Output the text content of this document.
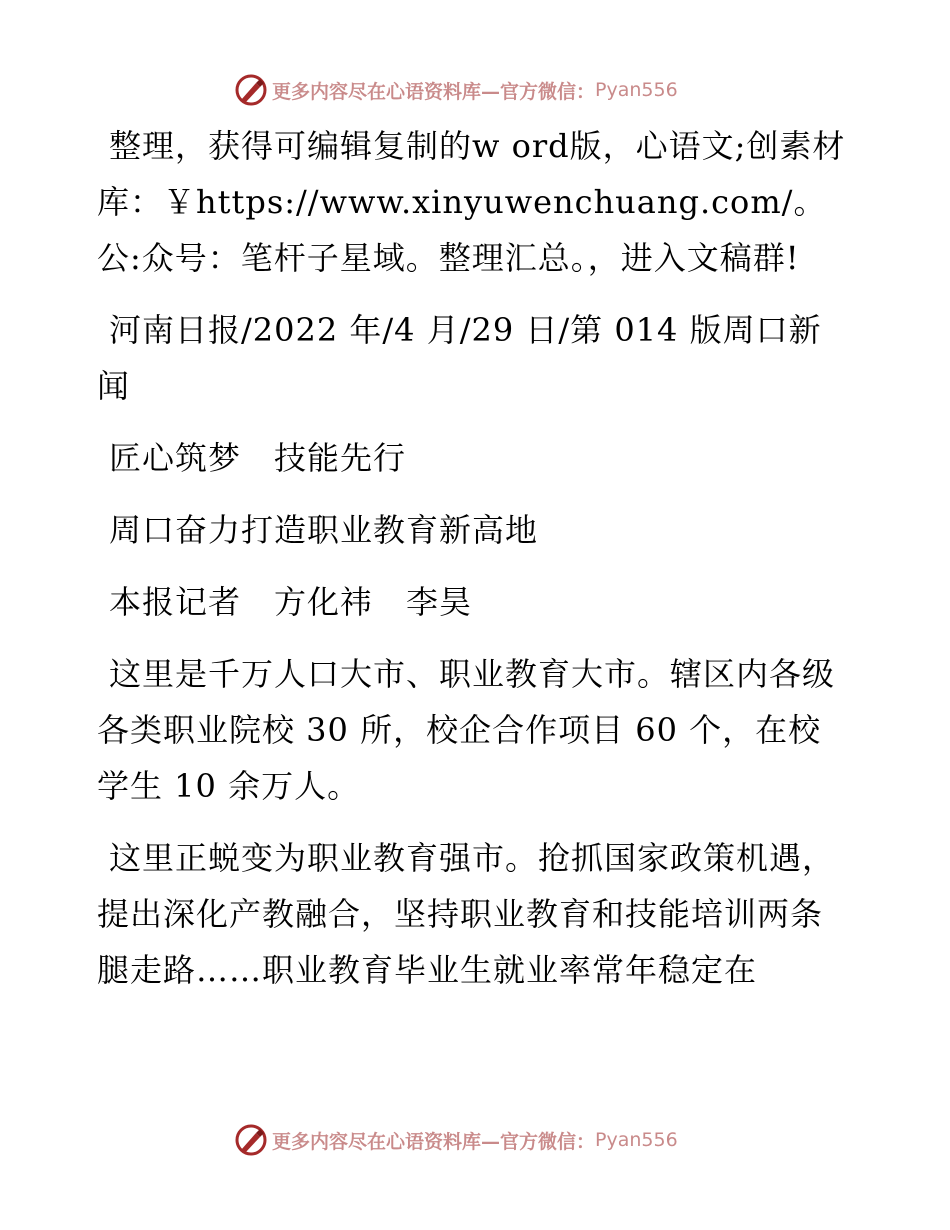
更多内容尽在心语资料库—官方微信： Pyan556

整理，获得可编辑复制的w ord版，心语文;创素材库：￥https://www.xinyuwenchuang.com/。公:众号：笔杆子星域。整理汇总。，进入文稿群!

河南日报/2022 年/4 月/29 日/第 014 版周口新闻

匠心筑梦　技能先行

周口奋力打造职业教育新高地

本报记者　方化祎　李昊

这里是千万人口大市、职业教育大市。辖区内各级各类职业院校 30 所，校企合作项目 60 个，在校学生 10 余万人。

这里正蜕变为职业教育强市。抢抓国家政策机遇，提出深化产教融合，坚持职业教育和技能培训两条腿走路……职业教育毕业生就业率常年稳定在

更多内容尽在心语资料库—官方微信： Pyan556
